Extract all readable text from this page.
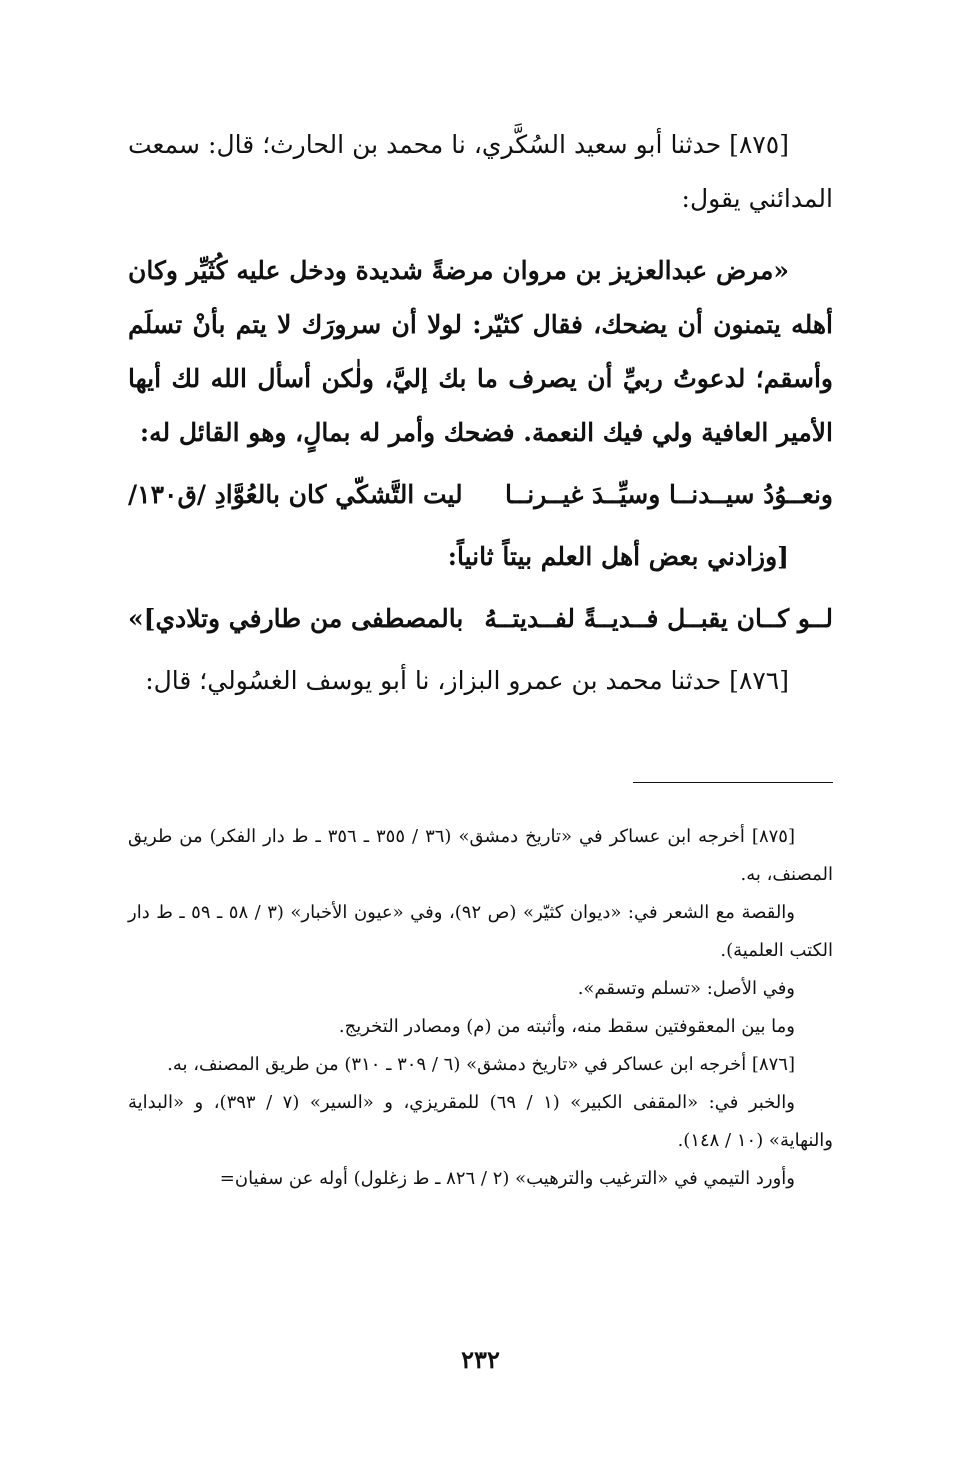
[٨٧٥] حدثنا أبو سعيد السُكَّري، نا محمد بن الحارث؛ قال: سمعت المدائني يقول:

«مرض عبدالعزيز بن مروان مرضةً شديدة ودخل عليه كُثَيِّر وكان أهله يتمنون أن يضحك، فقال كثيّر: لولا أن سرورَك لا يتم بأنْ تسلَم وأسقم؛ لدعوتُ ربيِّ أن يصرف ما بك إليَّ، ولٰكن أسأل الله لك أيها الأمير العافية ولي فيك النعمة. فضحك وأمر له بمالٍ، وهو القائل له:

ونعــوُدُ سيــدنــا وسيِّــدَ غيــرنــا
ليت التَّشكّي كان بالعُوَّادِ /ق١٣٠/

[وزادني بعض أهل العلم بيتاً ثانياً:

لــو كــان يقبــل فــديــةً لفــديتــهُ
بالمصطفى من طارفي وتلادي]»

[٨٧٦] حدثنا محمد بن عمرو البزاز، نا أبو يوسف الغسُولي؛ قال:

[٨٧٥] أخرجه ابن عساكر في «تاريخ دمشق» (٣٦ / ٣٥٥ ـ ٣٥٦ ـ ط دار الفكر) من طريق المصنف، به.

والقصة مع الشعر في: «ديوان كثيّر» (ص ٩٢)، وفي «عيون الأخبار» (٣ / ٥٨ ـ ٥٩ ـ ط دار الكتب العلمية).

وفي الأصل: «تسلم وتسقم».

وما بين المعقوفتين سقط منه، وأثبته من (م) ومصادر التخريج.

[٨٧٦] أخرجه ابن عساكر في «تاريخ دمشق» (٦ / ٣٠٩ ـ ٣١٠) من طريق المصنف، به.

والخبر في: «المقفى الكبير» (١ / ٦٩) للمقريزي، و «السير» (٧ / ٣٩٣)، و «البداية والنهاية» (١٠ / ١٤٨).

وأورد التيمي في «الترغيب والترهيب» (٢ / ٨٢٦ ـ ط زغلول) أوله عن سفيان=

٢٣٢
